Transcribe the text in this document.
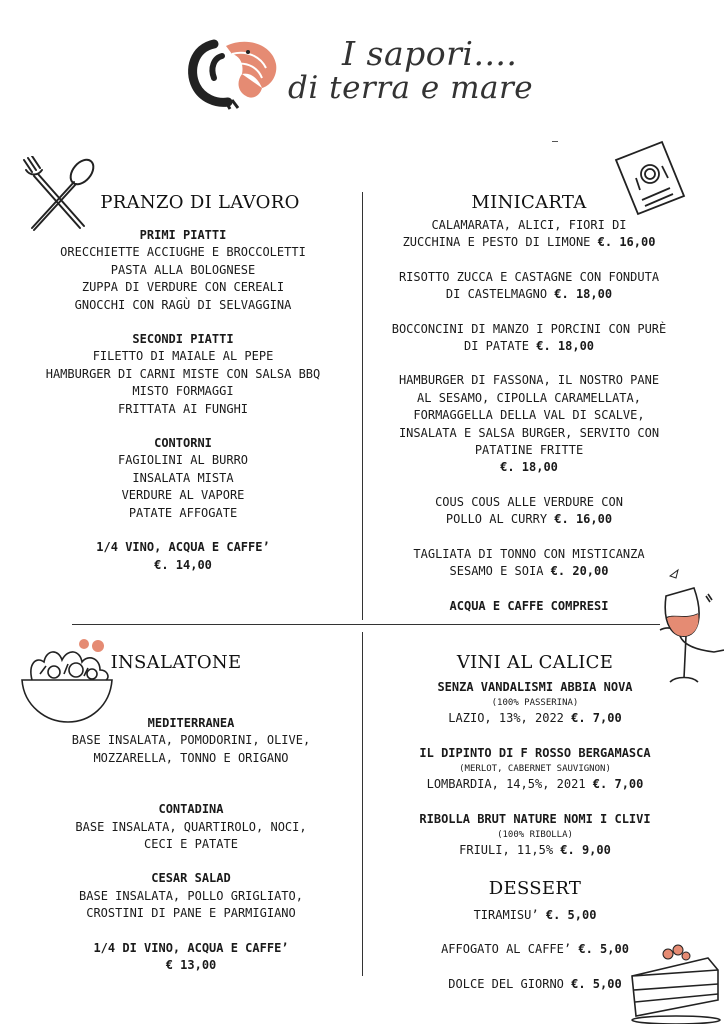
I sapori....
di terra e mare
PRANZO DI LAVORO
PRIMI PIATTI
ORECCHIETTE ACCIUGHE E BROCCOLETTI
PASTA ALLA BOLOGNESE
ZUPPA DI VERDURE CON CEREALI
GNOCCHI CON RAGÙ DI SELVAGGINA
SECONDI PIATTI
FILETTO DI MAIALE AL PEPE
HAMBURGER DI CARNI MISTE CON SALSA BBQ
MISTO FORMAGGI
FRITTATA AI FUNGHI
CONTORNI
FAGIOLINI AL BURRO
INSALATA MISTA
VERDURE AL VAPORE
PATATE AFFOGATE
1/4 VINO, ACQUA E CAFFE’
€. 14,00
MINICARTA
CALAMARATA, ALICI, FIORI DI
ZUCCHINA E PESTO DI LIMONE €. 16,00
RISOTTO ZUCCA E CASTAGNE CON FONDUTA
DI CASTELMAGNO €. 18,00
BOCCONCINI DI MANZO I PORCINI CON PURÈ
DI PATATE €. 18,00
HAMBURGER DI FASSONA, IL NOSTRO PANE
AL SESAMO, CIPOLLA CARAMELLATA,
FORMAGGELLA DELLA VAL DI SCALVE,
INSALATA E SALSA BURGER, SERVITO CON
PATATINE FRITTE
€. 18,00
COUS COUS ALLE VERDURE CON
POLLO AL CURRY €. 16,00
TAGLIATA DI TONNO CON MISTICANZA
SESAMO E SOIA €. 20,00
ACQUA E CAFFE COMPRESI
INSALATONE
MEDITERRANEA
BASE INSALATA, POMODORINI, OLIVE,
MOZZARELLA, TONNO E ORIGANO
CONTADINA
BASE INSALATA, QUARTIROLO, NOCI,
CECI E PATATE
CESAR SALAD
BASE INSALATA, POLLO GRIGLIATO,
CROSTINI DI PANE E PARMIGIANO
1/4 DI VINO, ACQUA E CAFFE’
€ 13,00
VINI AL CALICE
SENZA VANDALISMI ABBIA NOVA
(100% PASSERINA)
LAZIO, 13%, 2022 €. 7,00
IL DIPINTO DI F ROSSO BERGAMASCA
(MERLOT, CABERNET SAUVIGNON)
LOMBARDIA, 14,5%, 2021 €. 7,00
RIBOLLA BRUT NATURE NOMI I CLIVI
(100% RIBOLLA)
FRIULI, 11,5% €. 9,00
DESSERT
TIRAMISU’ €. 5,00
AFFOGATO AL CAFFE’ €. 5,00
DOLCE DEL GIORNO €. 5,00
